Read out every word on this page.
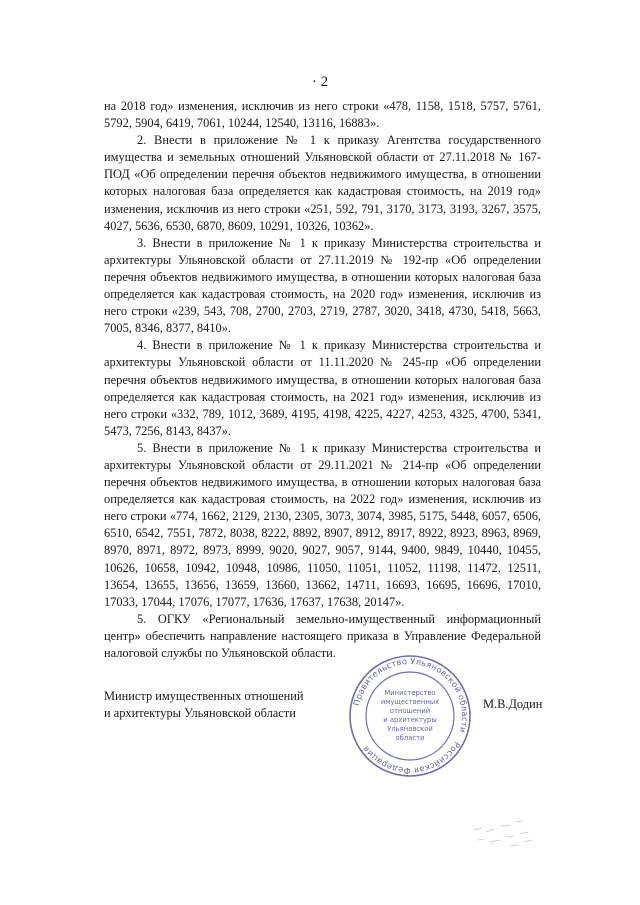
· 2

на 2018 год» изменения, исключив из него строки «478, 1158, 1518, 5757, 5761, 5792, 5904, 6419, 7061, 10244, 12540, 13116, 16883».

2. Внести в приложение № 1 к приказу Агентства государственного имущества и земельных отношений Ульяновской области от 27.11.2018 № 167-ПОД «Об определении перечня объектов недвижимого имущества, в отношении которых налоговая база определяется как кадастровая стоимость, на 2019 год» изменения, исключив из него строки «251, 592, 791, 3170, 3173, 3193, 3267, 3575, 4027, 5636, 6530, 6870, 8609, 10291, 10326, 10362».

3. Внести в приложение № 1 к приказу Министерства строительства и архитектуры Ульяновской области от 27.11.2019 № 192-пр «Об определении перечня объектов недвижимого имущества, в отношении которых налоговая база определяется как кадастровая стоимость, на 2020 год» изменения, исключив из него строки «239, 543, 708, 2700, 2703, 2719, 2787, 3020, 3418, 4730, 5418, 5663, 7005, 8346, 8377, 8410».

4. Внести в приложение № 1 к приказу Министерства строительства и архитектуры Ульяновской области от 11.11.2020 № 245-пр «Об определении перечня объектов недвижимого имущества, в отношении которых налоговая база определяется как кадастровая стоимость, на 2021 год» изменения, исключив из него строки «332, 789, 1012, 3689, 4195, 4198, 4225, 4227, 4253, 4325, 4700, 5341, 5473, 7256, 8143, 8437».

5. Внести в приложение № 1 к приказу Министерства строительства и архитектуры Ульяновской области от 29.11.2021 № 214-пр «Об определении перечня объектов недвижимого имущества, в отношении которых налоговая база определяется как кадастровая стоимость, на 2022 год» изменения, исключив из него строки «774, 1662, 2129, 2130, 2305, 3073, 3074, 3985, 5175, 5448, 6057, 6506, 6510, 6542, 7551, 7872, 8038, 8222, 8892, 8907, 8912, 8917, 8922, 8923, 8963, 8969, 8970, 8971, 8972, 8973, 8999, 9020, 9027, 9057, 9144, 9400, 9849, 10440, 10455, 10626, 10658, 10942, 10948, 10986, 11050, 11051, 11052, 11198, 11472, 12511, 13654, 13655, 13656, 13659, 13660, 13662, 14711, 16693, 16695, 16696, 17010, 17033, 17044, 17076, 17077, 17636, 17637, 17638, 20147».

5. ОГКУ «Региональный земельно-имущественный информационный центр» обеспечить направление настоящего приказа в Управление Федеральной налоговой службы по Ульяновской области.

Министр имущественных отношений
и архитектуры Ульяновской области
М.В.Додин
Правительство Ульяновской области
Российская Федерация
Министерство
имущественных
отношений
и архитектуры
Ульяновской
области
